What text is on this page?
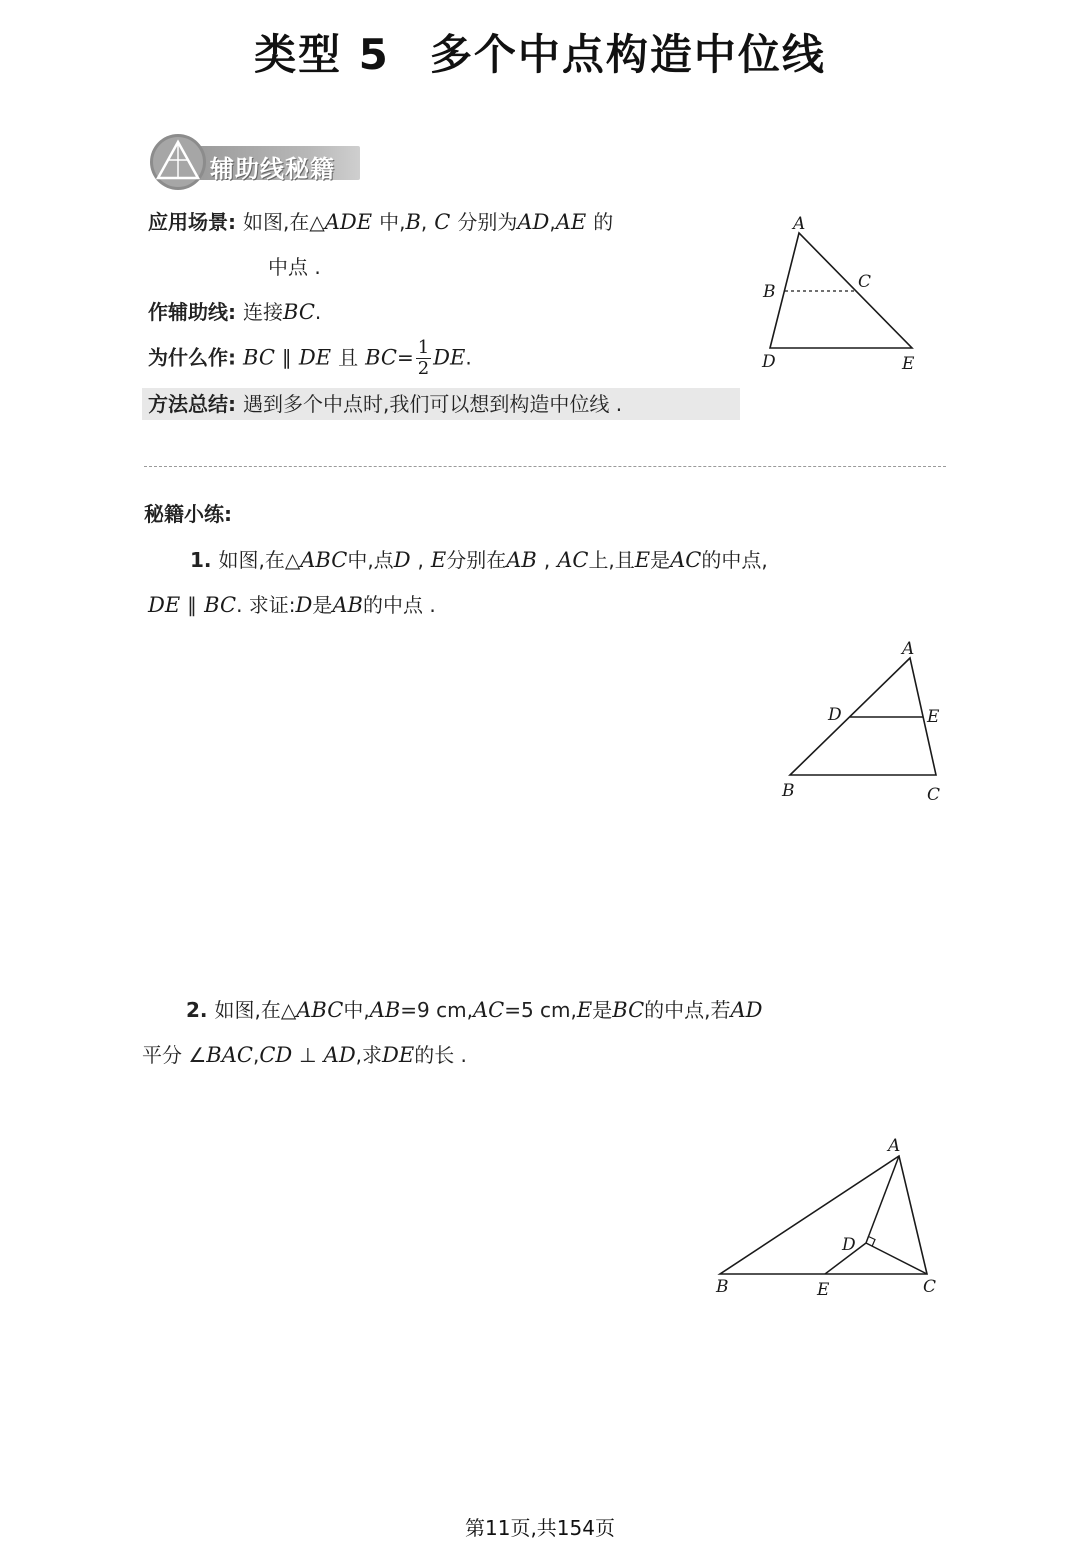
类型 5 多个中点构造中位线
辅助线秘籍
应用场景: 如图,在△ADE 中,B, C 分别为AD,AE 的
中点 .
作辅助线: 连接BC.
为什么作: BC ∥ DE 且 $BC= \frac{1}{2}$ DE.
方法总结: 遇到多个中点时,我们可以想到构造中位线 .
A
B	C
D	E
秘籍小练:
1. 如图,在△ABC中,点D , E分别在AB , AC上,且E是AC的中点,
DE ∥ BC. 求证:D是AB的中点 .
A
D	E
B	C
2. 如图,在△ABC中,AB=9 cm,AC=5 cm,E是BC的中点,若AD
平分 ∠BAC,CD ⊥ AD,求DE的长 .
A
D
B	E	C
第11页,共154页
